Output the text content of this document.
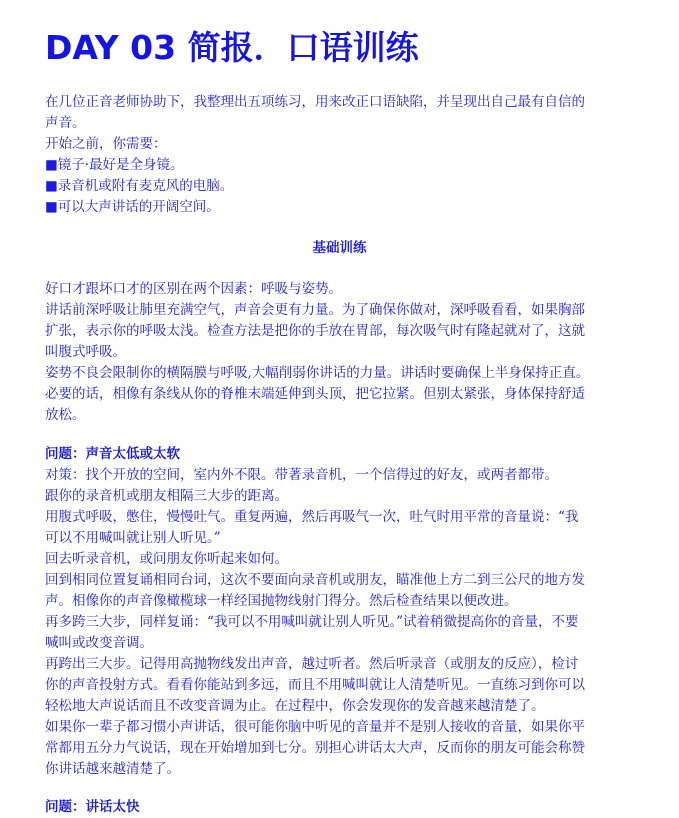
DAY 03 简报．口语训练

在几位正音老师协助下，我整理出五项练习，用来改正口语缺陷，并呈现出自己最有自信的

声音。

开始之前，你需要：

■镜子·最好是全身镜。

■录音机或附有麦克风的电脑。

■可以大声讲话的开阔空间。

基础训练

好口才跟坏口才的区别在两个因素：呼吸与姿势。

讲话前深呼吸让肺里充满空气，声音会更有力量。为了确保你做对，深呼吸看看，如果胸部

扩张，表示你的呼吸太浅。检查方法是把你的手放在胃部，每次吸气时有隆起就对了，这就

叫腹式呼吸。

姿势不良会限制你的横隔膜与呼吸,大幅削弱你讲话的力量。讲话时要确保上半身保持正直。

必要的话，相像有条线从你的脊椎末端延伸到头顶，把它拉紧。但别太紧张，身体保持舒适

放松。

问题：声音太低或太软

对策：找个开放的空间，室内外不限。带著录音机，一个信得过的好友，或两者都带。

跟你的录音机或朋友相隔三大步的距离。

用腹式呼吸，憋住，慢慢吐气。重复两遍，然后再吸气一次，吐气时用平常的音量说：“我

可以不用喊叫就让别人听见。”

回去听录音机，或问朋友你听起来如何。

回到相同位置复诵相同台词，这次不要面向录音机或朋友，瞄准他上方二到三公尺的地方发

声。相像你的声音像橄榄球一样经国抛物线射门得分。然后检查结果以便改进。

再多跨三大步，同样复诵：“我可以不用喊叫就让别人听见。”试着稍微提高你的音量，不要

喊叫或改变音调。

再跨出三大步。记得用高抛物线发出声音，越过听者。然后听录音（或朋友的反应），检讨

你的声音投射方式。看看你能站到多远，而且不用喊叫就让人清楚听见。一直练习到你可以

轻松地大声说话而且不改变音调为止。在过程中，你会发现你的发音越来越清楚了。

如果你一辈子都习惯小声讲话，很可能你脑中听见的音量并不是别人接收的音量，如果你平

常都用五分力气说话，现在开始增加到七分。别担心讲话太大声，反而你的朋友可能会称赞

你讲话越来越清楚了。

问题：讲话太快
